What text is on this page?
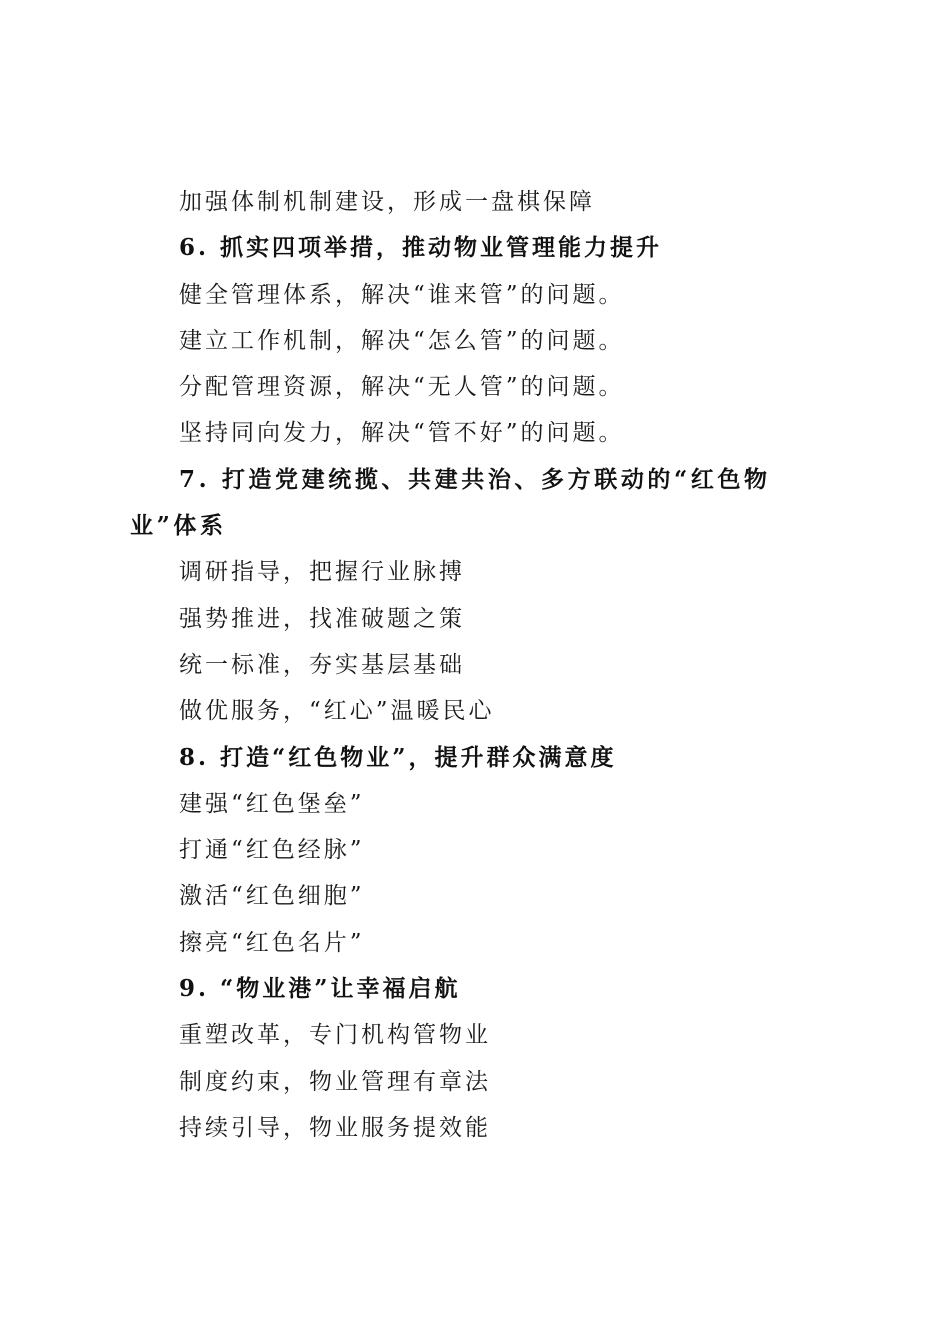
加强体制机制建设，形成一盘棋保障
6. 抓实四项举措，推动物业管理能力提升
健全管理体系，解决“谁来管”的问题。
建立工作机制，解决“怎么管”的问题。
分配管理资源，解决“无人管”的问题。
坚持同向发力，解决“管不好”的问题。
7. 打造党建统揽、共建共治、多方联动的“红色物业”体系
调研指导，把握行业脉搏
强势推进，找准破题之策
统一标准，夯实基层基础
做优服务，“红心”温暖民心
8. 打造“红色物业”，提升群众满意度
建强“红色堡垒”
打通“红色经脉”
激活“红色细胞”
擦亮“红色名片”
9. “物业港”让幸福启航
重塑改革，专门机构管物业
制度约束，物业管理有章法
持续引导，物业服务提效能
